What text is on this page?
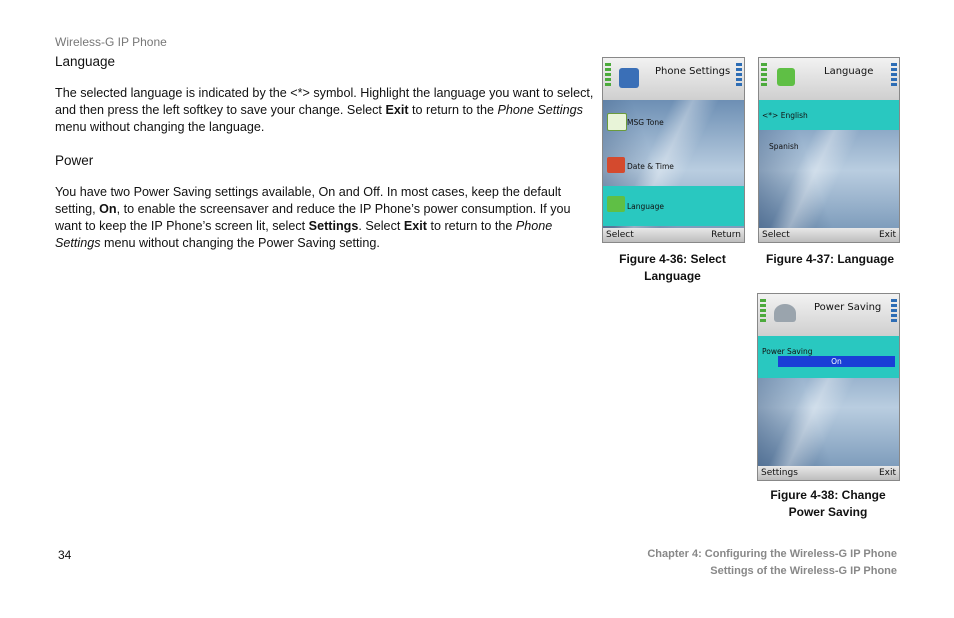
Wireless-G IP Phone
Language
The selected language is indicated by the <*> symbol. Highlight the language you want to select, and then press the left softkey to save your change. Select Exit to return to the Phone Settings menu without changing the language.
Power
You have two Power Saving settings available, On and Off. In most cases, keep the default setting, On, to enable the screensaver and reduce the IP Phone’s power consumption. If you want to keep the IP Phone’s screen lit, select Settings. Select Exit to return to the Phone Settings menu without changing the Power Saving setting.
Phone Settings
MSG Tone
Date & Time
Language
Select	Return
Figure 4-36: Select
Language
Language
<*> English
Spanish
Select	Exit
Figure 4-37: Language
Power Saving
Power Saving
On
Settings	Exit
Figure 4-38: Change
Power Saving
34	Chapter 4: Configuring the Wireless-G IP Phone
Settings of the Wireless-G IP Phone
